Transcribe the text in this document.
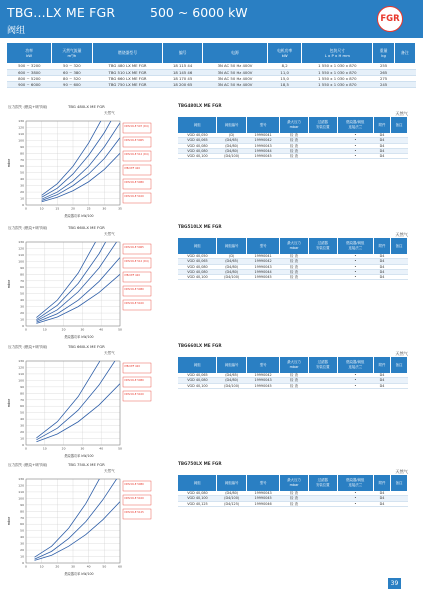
TBG...LX ME FGR	500 ~ 6000 kW
阀组
FGR
功率
kW	天然气流量
m³/h	燃烧器型号	编号	电源	电机功率
kW	包装尺寸
L x P x H mm	重量
kg	备注
500 ~ 3200	50 ~ 320	TBG 480 LX ME FGR	18 115 44	3N AC 50 Hz 400V	8,2	1 550 x 1 030 x 870	255	
600 ~ 3800	60 ~ 380	TBG 510 LX ME FGR	18 145 46	3N AC 50 Hz 400V	11,0	1 550 x 1 030 x 870	265	
800 ~ 5200	80 ~ 520	TBG 660 LX ME FGR	18 170 45	3N AC 50 Hz 400V	15,0	1 550 x 1 030 x 870	275	
900 ~ 6000	90 ~ 600	TBG 750 LX ME FGR	18 200 65	3N AC 50 Hz 400V	18,5	1 550 x 1 030 x 870	245	
压力损失 (燃烧+调节阀)	TBG 480LX ME FGR
天然气
0
10
20
30
40
50
60
70
80
90
100
110
120
130
0	10	15	20	25	30	35
燃烧器功率 kW/100
mbar
DMV-DLE 507 (D4)
DMV-DLE 5065
DMV-DLE 512 (D4)
MB-VEF 420
DMV-DLE 5080
DMV-DLE 5100
TBG480LX ME FGR
天然气
阀组	阀组编号	型号	最大压力
mbar	过滤器
安装位置	燃烧器/阀组
连接法兰	附件	备注
VGD 40,050	(D)	19990041	检 查		•	D4	
VGD 40,065	(D4/65)	19990042	检 查		•	D4	
VGD 40,080	(D4/80)	19990043	检 查		•	D4	
VGD 40,080	(D4/80)	19990044	检 查		•	D4	
VGD 40,100	(D4/100)	19990045	检 查		•	D4	
压力损失 (燃烧+调节阀)	TBG 660LX ME FGR
天然气
0
10
20
30
40
50
60
70
80
90
100
110
120
130
0	10	20	30	40	50
燃烧器功率 kW/100
mbar
DMV-DLE 5065
DMV-DLE 512 (D4)
MB-VEF 420
DMV-DLE 5080
DMV-DLE 5100
TBG510LX ME FGR
天然气
阀组	阀组编号	型号	最大压力
mbar	过滤器
安装位置	燃烧器/阀组
连接法兰	附件	备注
VGD 40,050	(D)	19990041	检 查		•	D4	
VGD 40,065	(D4/65)	19990042	检 查		•	D4	
VGD 40,080	(D4/80)	19990043	检 查		•	D4	
VGD 40,080	(D4/80)	19990044	检 查		•	D4	
VGD 40,100	(D4/100)	19990045	检 查		•	D4	
压力损失 (燃烧+调节阀)	TBG 660LX ME FGR
天然气
0
10
20
30
40
50
60
70
80
90
100
110
120
130
0	10	20	30	40	50
燃烧器功率 kW/100
mbar
MB-VEF 420
DMV-DLE 5080
DMV-DLE 5100
TBG660LX ME FGR
天然气
阀组	阀组编号	型号	最大压力
mbar	过滤器
安装位置	燃烧器/阀组
连接法兰	附件	备注
VGD 40,065	(D4/65)	19990042	检 查		•	D4	
VGD 40,080	(D4/80)	19990043	检 查		•	D4	
VGD 40,100	(D4/100)	19990045	检 查		•	D4	
压力损失 (燃烧+调节阀)	TBG 750LX ME FGR
天然气
0
10
20
30
40
50
60
70
80
90
100
110
120
130
0	10	20	30	40	50	60
燃烧器功率 kW/100
mbar
DMV-DLE 5080
DMV-DLE 5100
DMV-DLE 5125
TBG750LX ME FGR
天然气
阀组	阀组编号	型号	最大压力
mbar	过滤器
安装位置	燃烧器/阀组
连接法兰	附件	备注
VGD 40,080	(D4/80)	19990043	检 查		•	D4	
VGD 40,100	(D4/100)	19990045	检 查		•	D4	
VGD 40,125	(D4/125)	19990046	检 查		•	D4	
39
